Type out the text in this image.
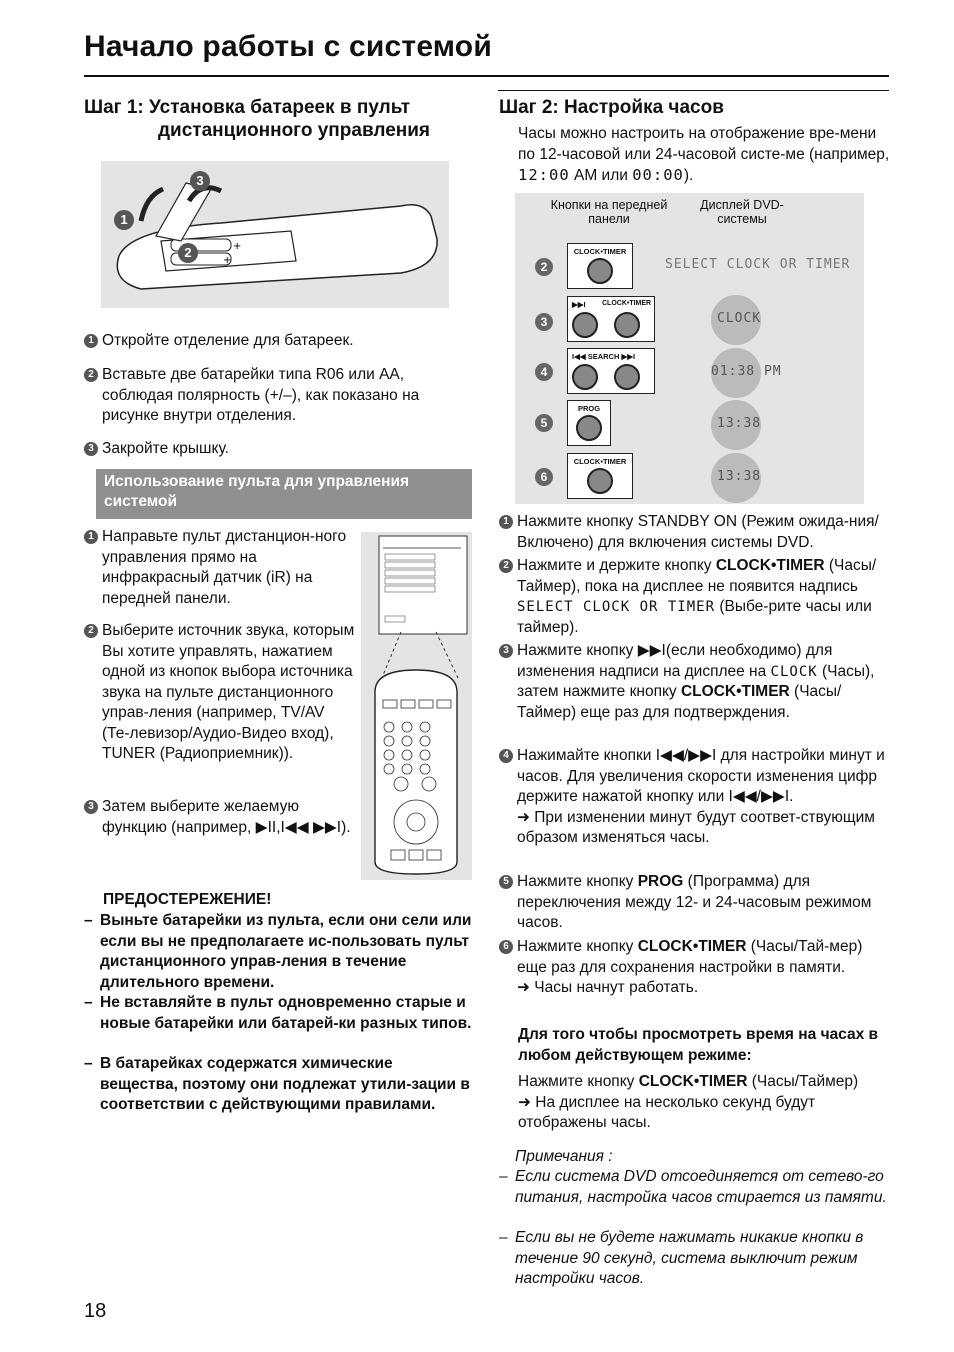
Начало работы с системой
Шаг 1: Установка батареек в пульт
дистанционного управления
+
+
1
2
3
1 Откройте отделение для батареек.
2 Вставьте две батарейки типа R06 или АА, соблюдая полярность (+/–), как показано на рисунке внутри отделения.
3 Закройте крышку.
Использование пульта для управления системой
1 Направьте пульт дистанцион-ного управления прямо на инфракрасный датчик (iR) на передней панели.
2 Выберите источник звука, которым Вы хотите управлять, нажатием одной из кнопок выбора источника звука на пульте дистанционного управ-ления (например, TV/AV (Те-левизор/Аудио-Видео вход), TUNER (Радиоприемник)).
3 Затем выберите желаемую функцию (например, ▶II,I◀◀ ▶▶I).
ПРЕДОСТЕРЕЖЕНИЕ!
– Выньте батарейки из пульта, если они сели или если вы не предполагаете ис-пользовать пульт дистанционного управ-ления в течение длительного времени.
– Не вставляйте в пульт одновременно старые и новые батарейки или батарей-ки разных типов.
– В батарейках содержатся химические вещества, поэтому они подлежат утили-зации в соответствии с действующими правилами.
Шаг 2: Настройка часов
Часы можно настроить на отображение вре-мени по 12-часовой или 24-часовой систе-ме (например, 12:00 AM или 00:00).
Кнопки на передней панели
Дисплей DVD-системы
2
CLOCK•TIMER
SELECT CLOCK OR TIMER
3
▶▶I CLOCK•TIMER
CLOCK
4
I◀◀ SEARCH ▶▶I
01:38 PM
5
PROG
13:38
6
CLOCK•TIMER
13:38
1 Нажмите кнопку STANDBY ON (Режим ожида-ния/Включено) для включения системы DVD.
2 Нажмите и держите кнопку CLOCK•TIMER (Часы/Таймер), пока на дисплее не появится надпись SELECT CLOCK OR TIMER (Выбе-рите часы или таймер).
3 Нажмите кнопку ▶▶I(если необходимо) для изменения надписи на дисплее на CLOCK (Часы), затем нажмите кнопку CLOCK•TIMER (Часы/Таймер) еще раз для подтверждения.
4 Нажимайте кнопки I◀◀/▶▶I для настройки минут и часов. Для увеличения скорости изменения цифр держите нажатой кнопку или I◀◀/▶▶I.
➜ При изменении минут будут соответ-ствующим образом изменяться часы.
5 Нажмите кнопку PROG (Программа) для переключения между 12- и 24-часовым режимом часов.
6 Нажмите кнопку CLOCK•TIMER (Часы/Тай-мер) еще раз для сохранения настройки в памяти.
➜ Часы начнут работать.
Для того чтобы просмотреть время на часах в любом действующем режиме:
Нажмите кнопку CLOCK•TIMER (Часы/Таймер)
➜ На дисплее на несколько секунд будут отображены часы.
Примечания :
– Если система DVD отсоединяется от сетево-го питания, настройка часов стирается из памяти.
– Если вы не будете нажимать никакие кнопки в течение 90 секунд, система выключит режим настройки часов.
18
